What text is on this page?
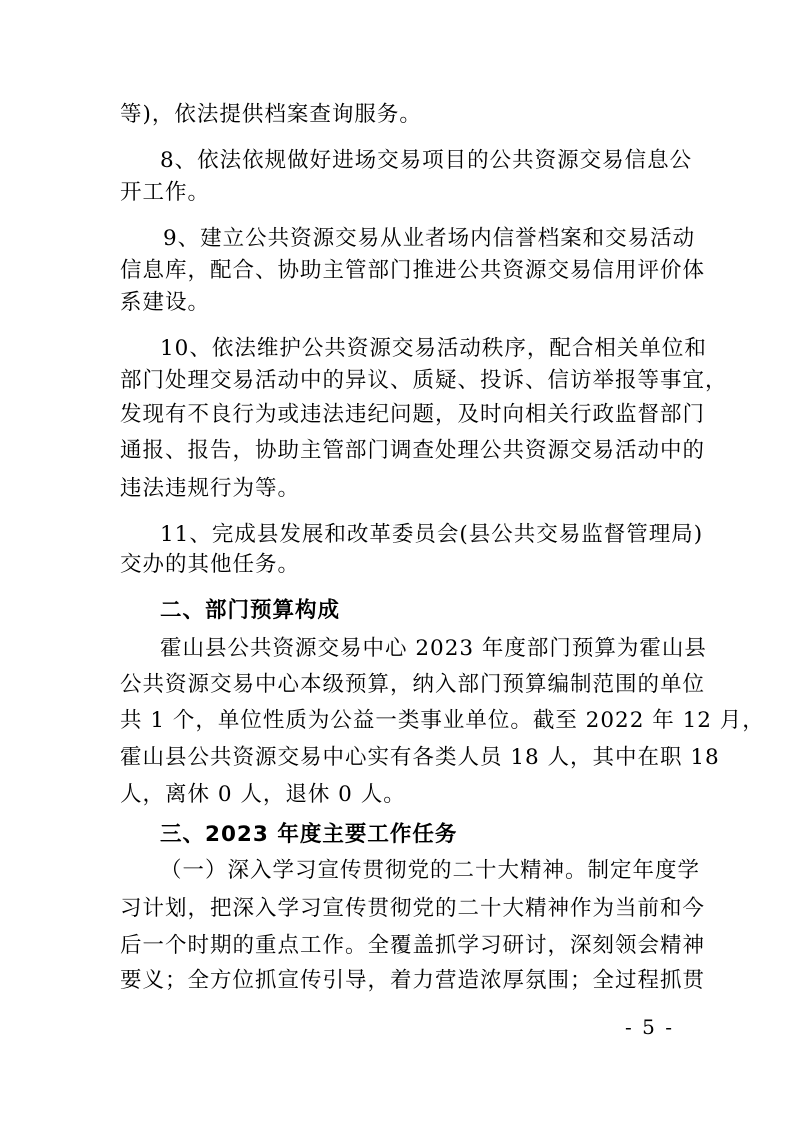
等)，依法提供档案查询服务。
8、依法依规做好进场交易项目的公共资源交易信息公
开工作。
9、建立公共资源交易从业者场内信誉档案和交易活动
信息库，配合、协助主管部门推进公共资源交易信用评价体
系建设。
10、依法维护公共资源交易活动秩序，配合相关单位和
部门处理交易活动中的异议、质疑、投诉、信访举报等事宜，
发现有不良行为或违法违纪问题，及时向相关行政监督部门
通报、报告，协助主管部门调查处理公共资源交易活动中的
违法违规行为等。
11、完成县发展和改革委员会(县公共交易监督管理局)
交办的其他任务。
二、部门预算构成
霍山县公共资源交易中心 2023 年度部门预算为霍山县
公共资源交易中心本级预算，纳入部门预算编制范围的单位
共 1 个，单位性质为公益一类事业单位。截至 2022 年 12 月，
霍山县公共资源交易中心实有各类人员 18 人，其中在职 18
人，离休 0 人，退休 0 人。
三、2023 年度主要工作任务
（一）深入学习宣传贯彻党的二十大精神。制定年度学
习计划，把深入学习宣传贯彻党的二十大精神作为当前和今
后一个时期的重点工作。全覆盖抓学习研讨，深刻领会精神
要义；全方位抓宣传引导，着力营造浓厚氛围；全过程抓贯
- 5 -
